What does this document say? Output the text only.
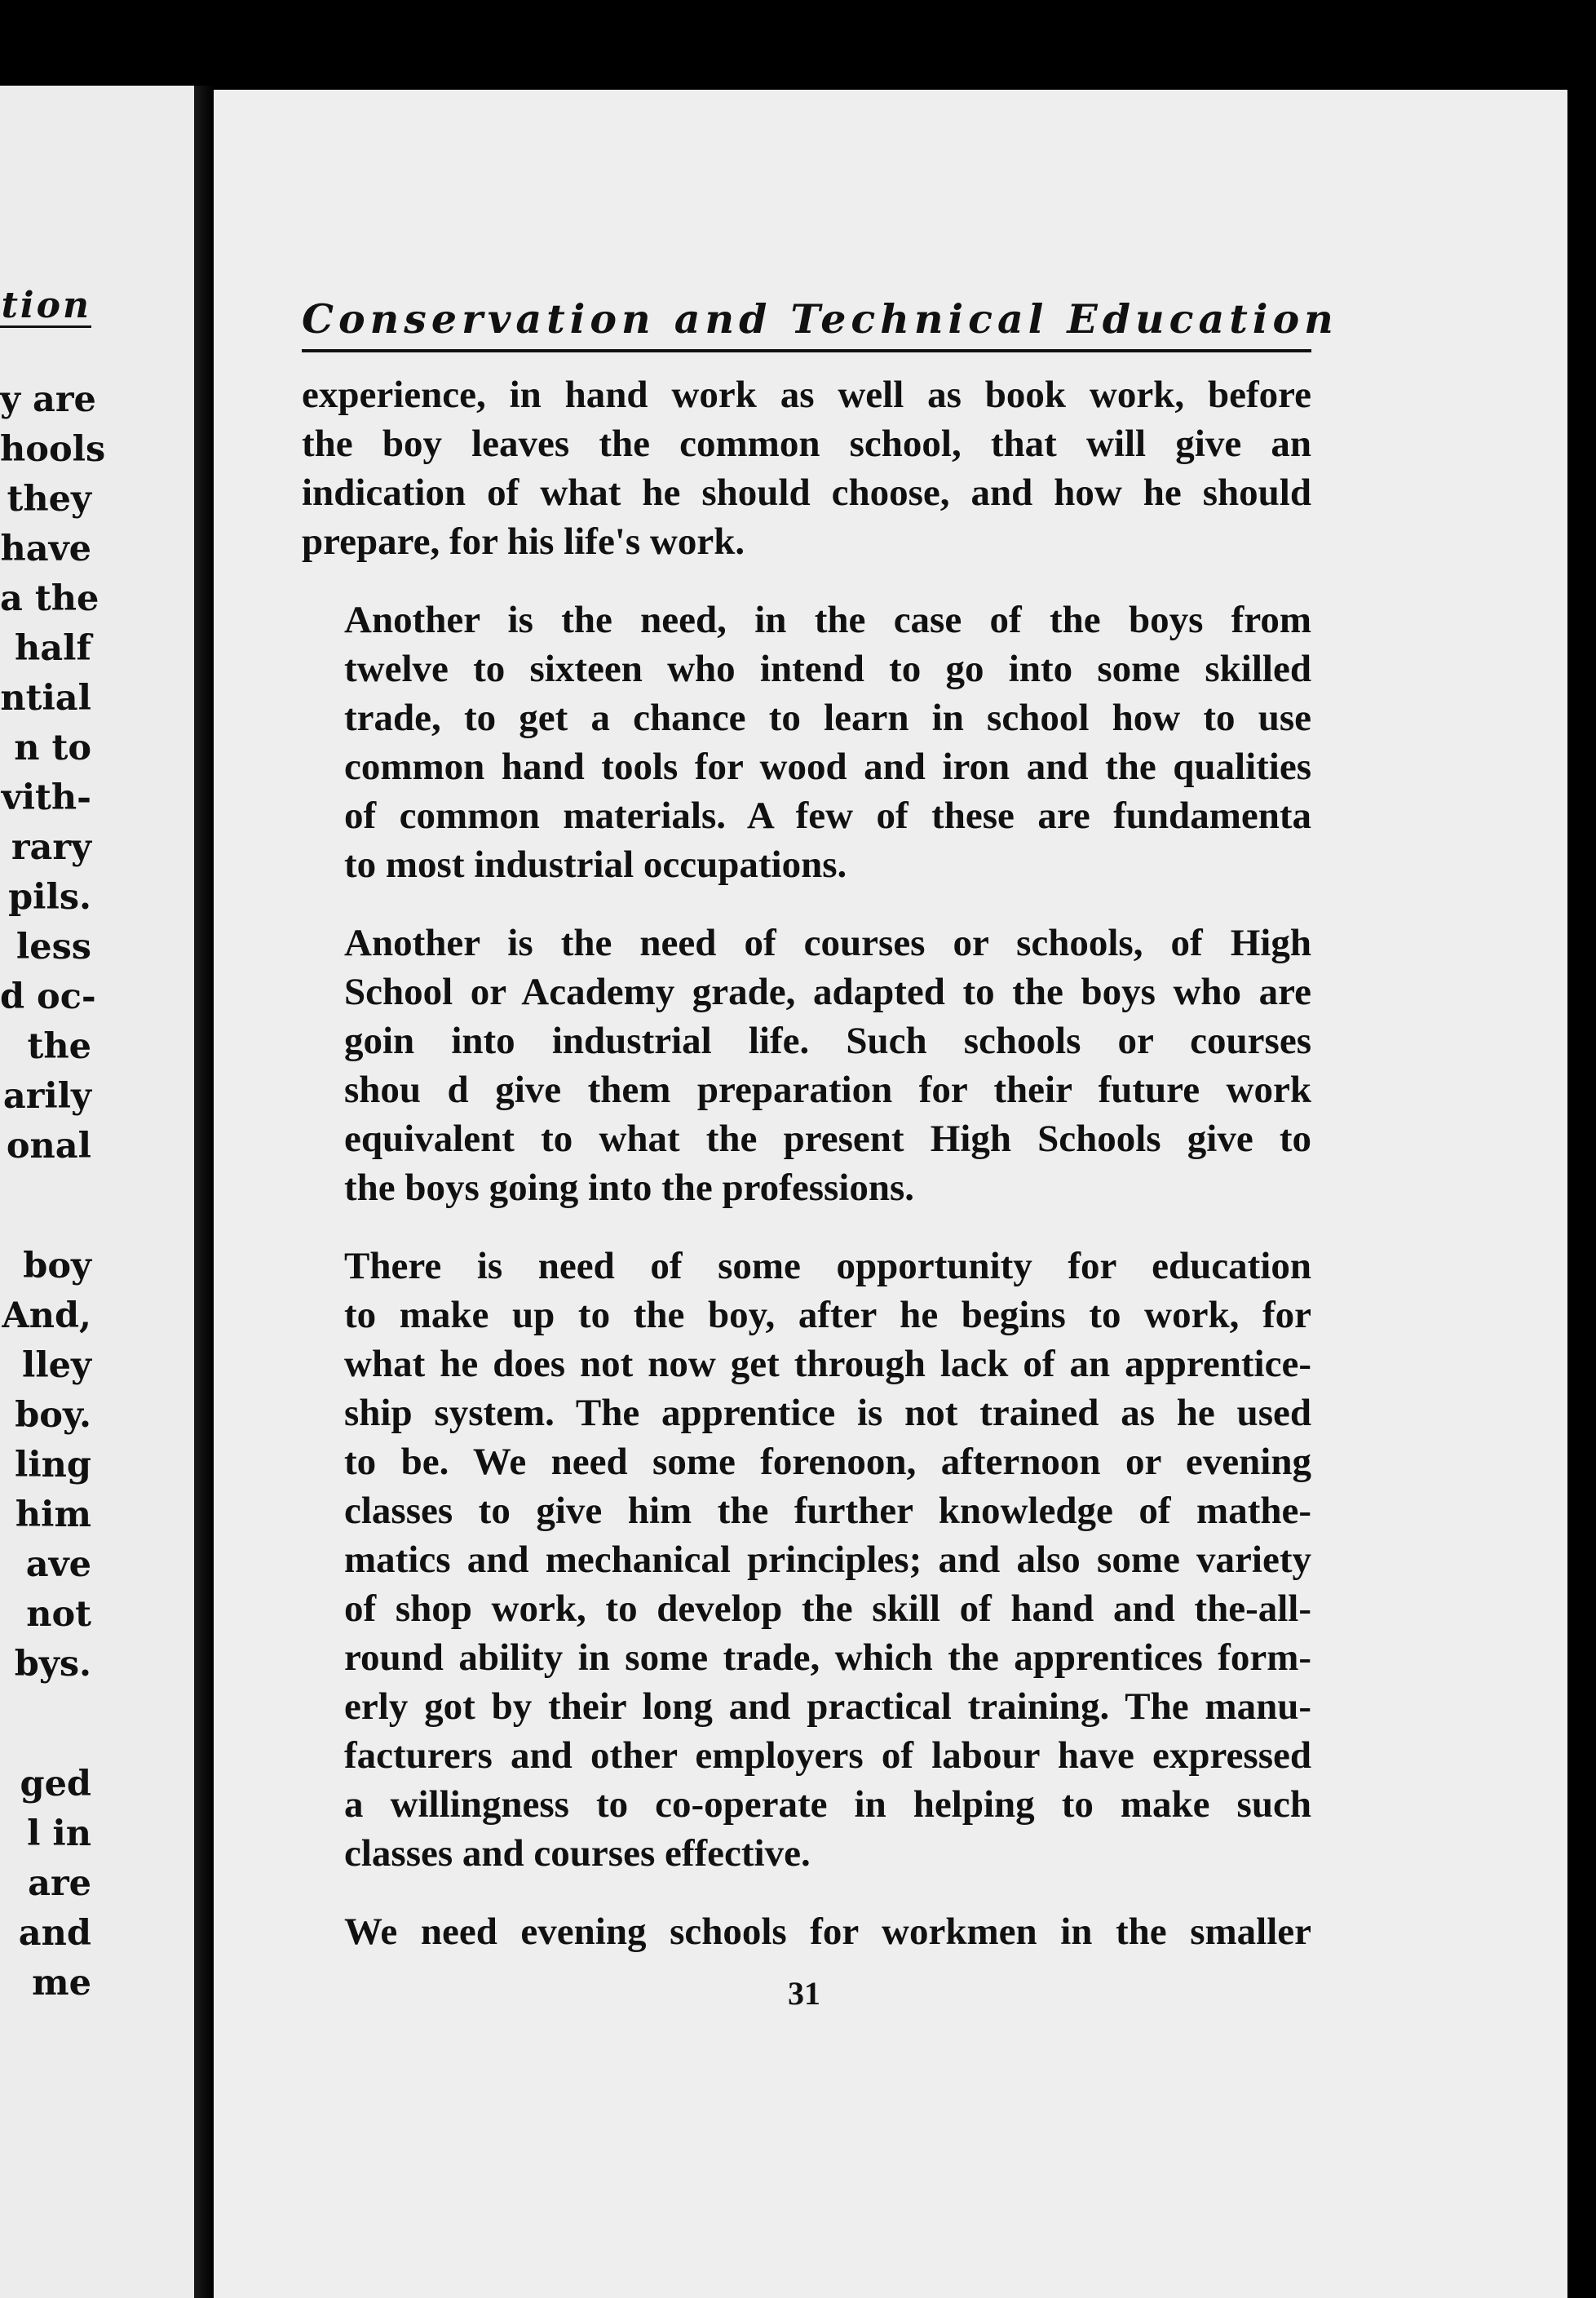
tion
y are
hools
they
have
a the
half
ntial
n to
vith-
rary
pils.
less
d oc-
the
arily
onal
boy
And,
lley
boy.
ling
him
ave
not
bys.
ged
l in
are
and
me
Conservation and Technical Education
experience, in hand work as well as book work, before
the boy leaves the common school, that will give an
indication of what he should choose, and how he should
prepare, for his life's work.
Another is the need, in the case of the boys from
twelve to sixteen who intend to go into some skilled
trade, to get a chance to learn in school how to use
common hand tools for wood and iron and the qualities
of common materials. A few of these are fundamenta
to most industrial occupations.
Another is the need of courses or schools, of High
School or Academy grade, adapted to the boys who are
goin into industrial life. Such schools or courses
shou d give them preparation for their future work
equivalent to what the present High Schools give to
the boys going into the professions.
There is need of some opportunity for education
to make up to the boy, after he begins to work, for
what he does not now get through lack of an apprentice-
ship system. The apprentice is not trained as he used
to be. We need some forenoon, afternoon or evening
classes to give him the further knowledge of mathe-
matics and mechanical principles; and also some variety
of shop work, to develop the skill of hand and the-all-
round ability in some trade, which the apprentices form-
erly got by their long and practical training. The manu-
facturers and other employers of labour have expressed
a willingness to co-operate in helping to make such
classes and courses effective.
We need evening schools for workmen in the smaller
31
